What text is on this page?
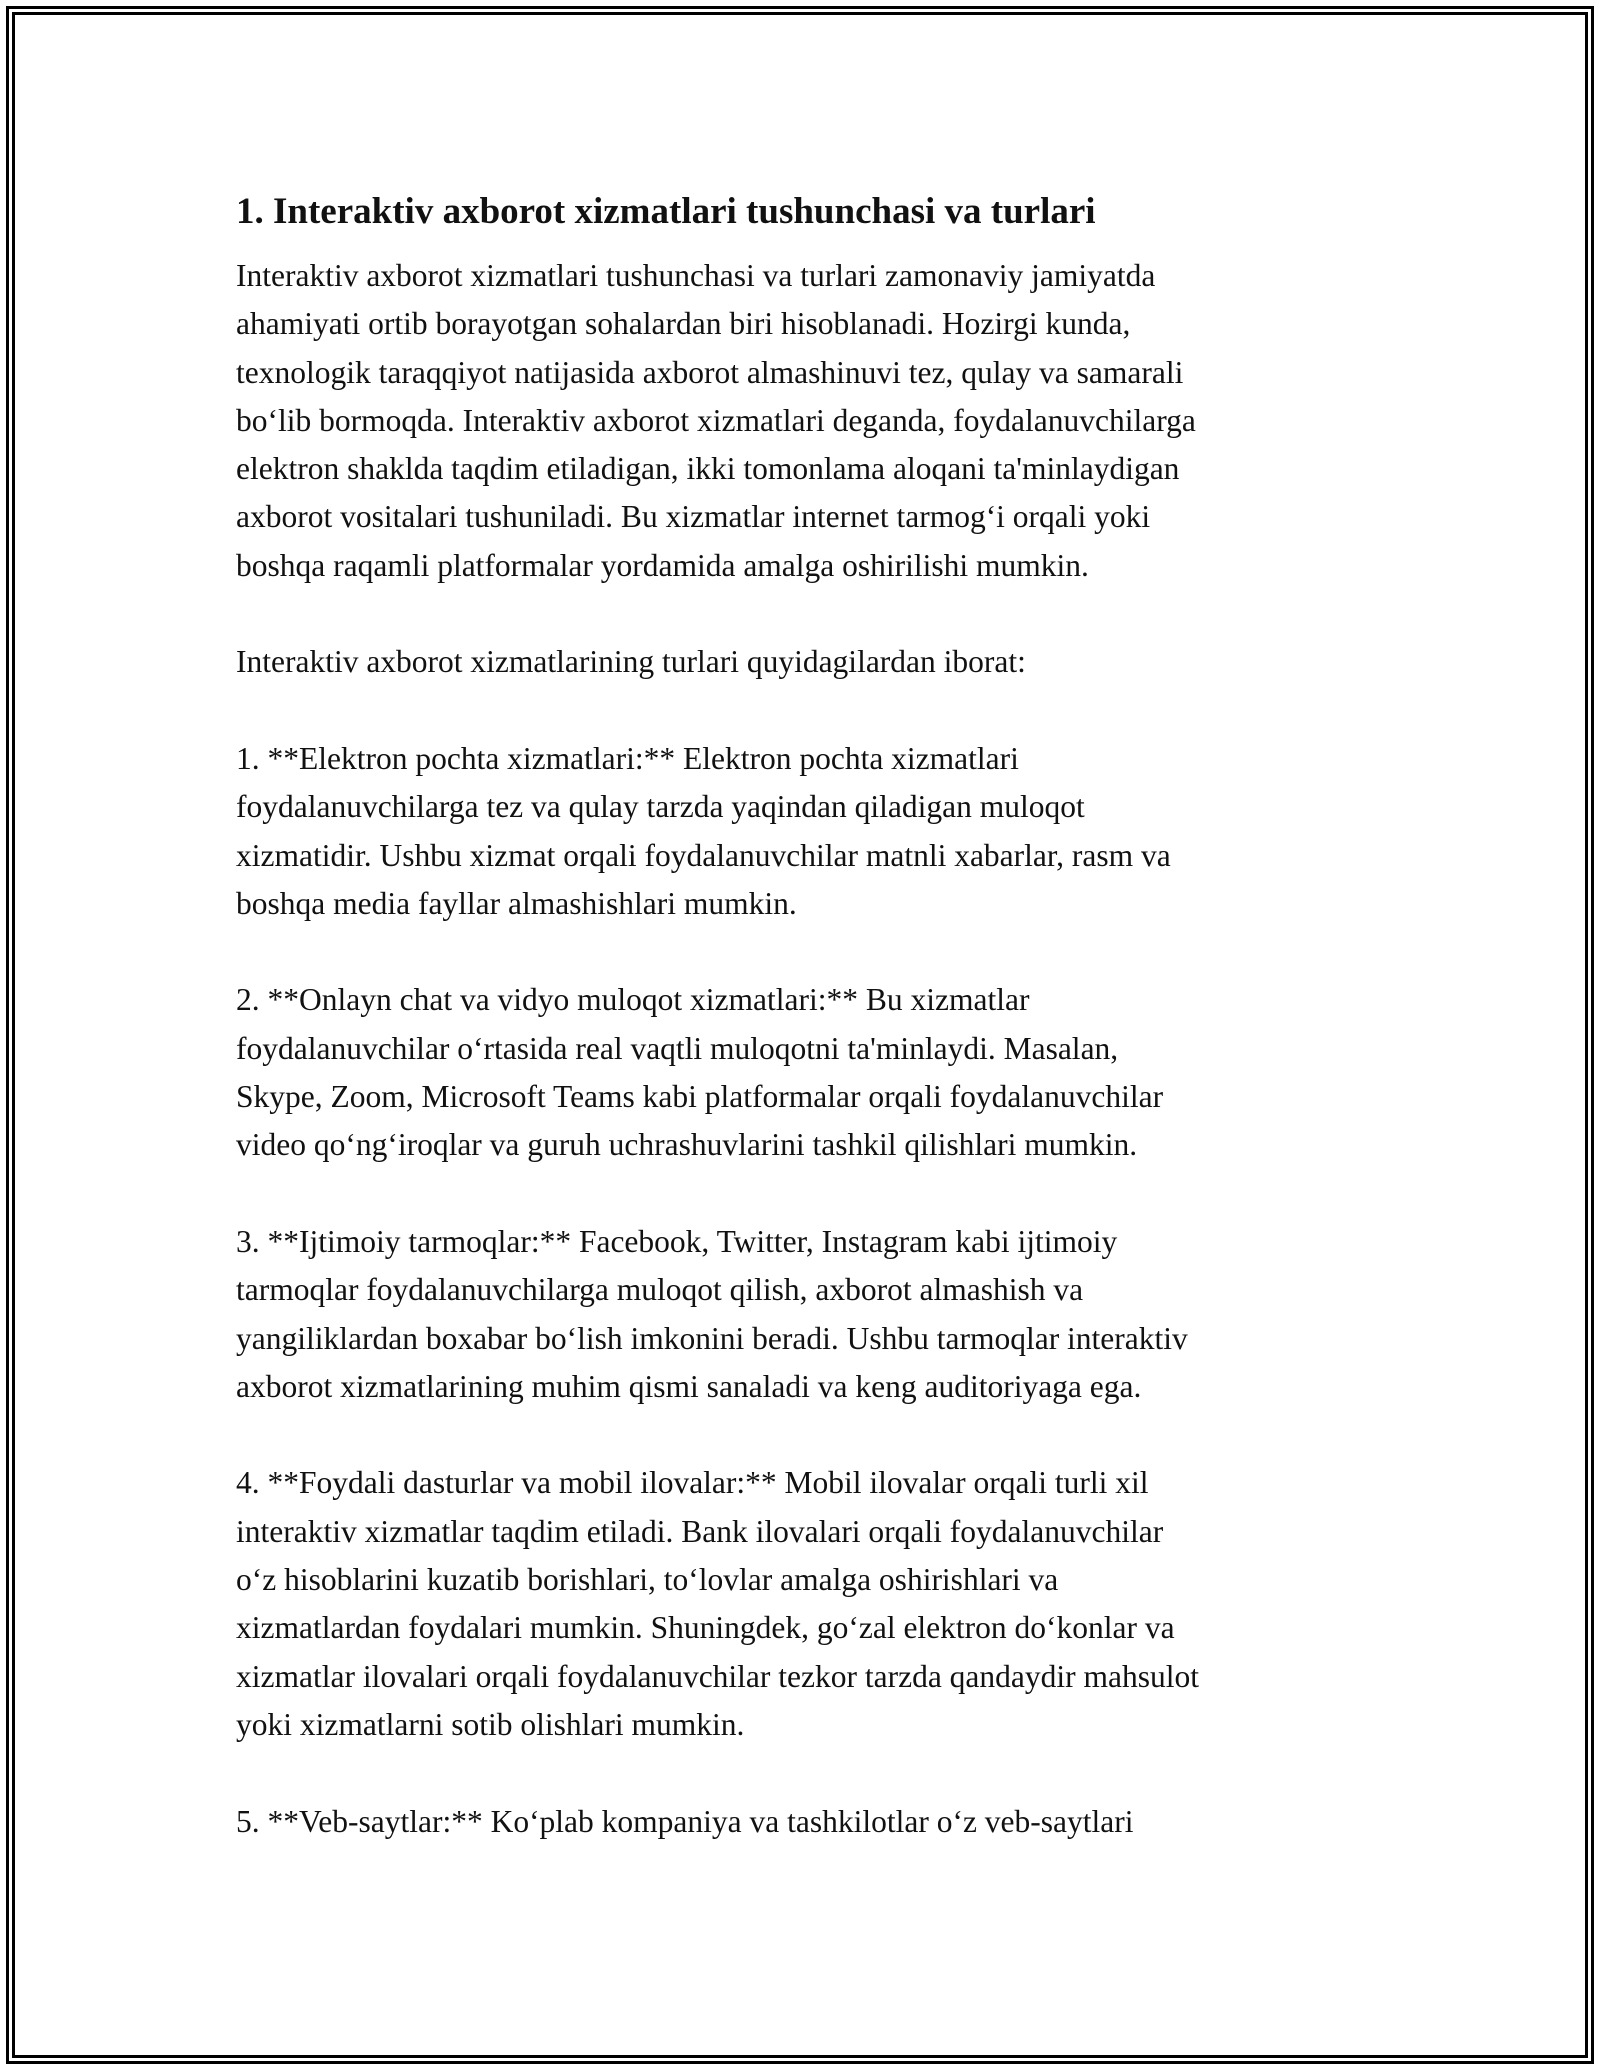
1. Interaktiv axborot xizmatlari tushunchasi va turlari

Interaktiv axborot xizmatlari tushunchasi va turlari zamonaviy jamiyatda
ahamiyati ortib borayotgan sohalardan biri hisoblanadi. Hozirgi kunda,
texnologik taraqqiyot natijasida axborot almashinuvi tez, qulay va samarali
boʻlib bormoqda. Interaktiv axborot xizmatlari deganda, foydalanuvchilarga
elektron shaklda taqdim etiladigan, ikki tomonlama aloqani ta'minlaydigan
axborot vositalari tushuniladi. Bu xizmatlar internet tarmogʻi orqali yoki
boshqa raqamli platformalar yordamida amalga oshirilishi mumkin.

Interaktiv axborot xizmatlarining turlari quyidagilardan iborat:

1. **Elektron pochta xizmatlari:** Elektron pochta xizmatlari
foydalanuvchilarga tez va qulay tarzda yaqindan qiladigan muloqot
xizmatidir. Ushbu xizmat orqali foydalanuvchilar matnli xabarlar, rasm va
boshqa media fayllar almashishlari mumkin.

2. **Onlayn chat va vidyo muloqot xizmatlari:** Bu xizmatlar
foydalanuvchilar oʻrtasida real vaqtli muloqotni ta'minlaydi. Masalan,
Skype, Zoom, Microsoft Teams kabi platformalar orqali foydalanuvchilar
video qoʻngʻiroqlar va guruh uchrashuvlarini tashkil qilishlari mumkin.

3. **Ijtimoiy tarmoqlar:** Facebook, Twitter, Instagram kabi ijtimoiy
tarmoqlar foydalanuvchilarga muloqot qilish, axborot almashish va
yangiliklardan boxabar boʻlish imkonini beradi. Ushbu tarmoqlar interaktiv
axborot xizmatlarining muhim qismi sanaladi va keng auditoriyaga ega.

4. **Foydali dasturlar va mobil ilovalar:** Mobil ilovalar orqali turli xil
interaktiv xizmatlar taqdim etiladi. Bank ilovalari orqali foydalanuvchilar
oʻz hisoblarini kuzatib borishlari, toʻlovlar amalga oshirishlari va
xizmatlardan foydalari mumkin. Shuningdek, goʻzal elektron doʻkonlar va
xizmatlar ilovalari orqali foydalanuvchilar tezkor tarzda qandaydir mahsulot
yoki xizmatlarni sotib olishlari mumkin.

5. **Veb-saytlar:** Koʻplab kompaniya va tashkilotlar oʻz veb-saytlari
